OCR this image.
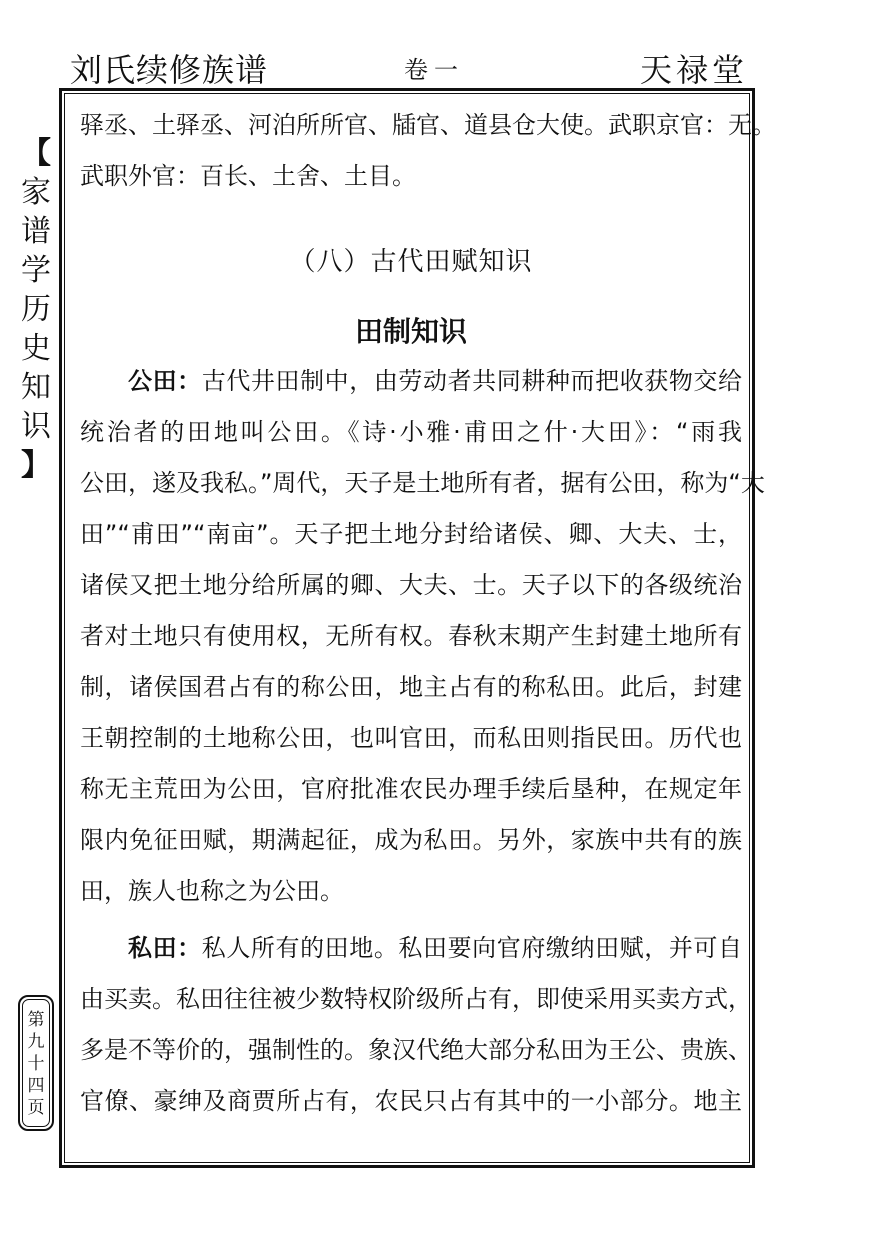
刘氏续修族谱	卷一	天禄堂
【
家
谱
学
历
史
知
识
】
第
九
十
四
页
驿丞、土驿丞、河泊所所官、牐官、道县仓大使。武职京官：无。
武职外官：百长、土舍、土目。
（八）古代田赋知识
田制知识
公田：古代井田制中，由劳动者共同耕种而把收获物交给
统治者的田地叫公田。《诗·小雅·甫田之什·大田》：“雨我
公田，遂及我私。”周代，天子是土地所有者，据有公田，称为“大
田”“甫田”“南亩”。天子把土地分封给诸侯、卿、大夫、士，
诸侯又把土地分给所属的卿、大夫、士。天子以下的各级统治
者对土地只有使用权，无所有权。春秋末期产生封建土地所有
制，诸侯国君占有的称公田，地主占有的称私田。此后，封建
王朝控制的土地称公田，也叫官田，而私田则指民田。历代也
称无主荒田为公田，官府批准农民办理手续后垦种，在规定年
限内免征田赋，期满起征，成为私田。另外，家族中共有的族
田，族人也称之为公田。
私田：私人所有的田地。私田要向官府缴纳田赋，并可自
由买卖。私田往往被少数特权阶级所占有，即使采用买卖方式，
多是不等价的，强制性的。象汉代绝大部分私田为王公、贵族、
官僚、豪绅及商贾所占有，农民只占有其中的一小部分。地主
